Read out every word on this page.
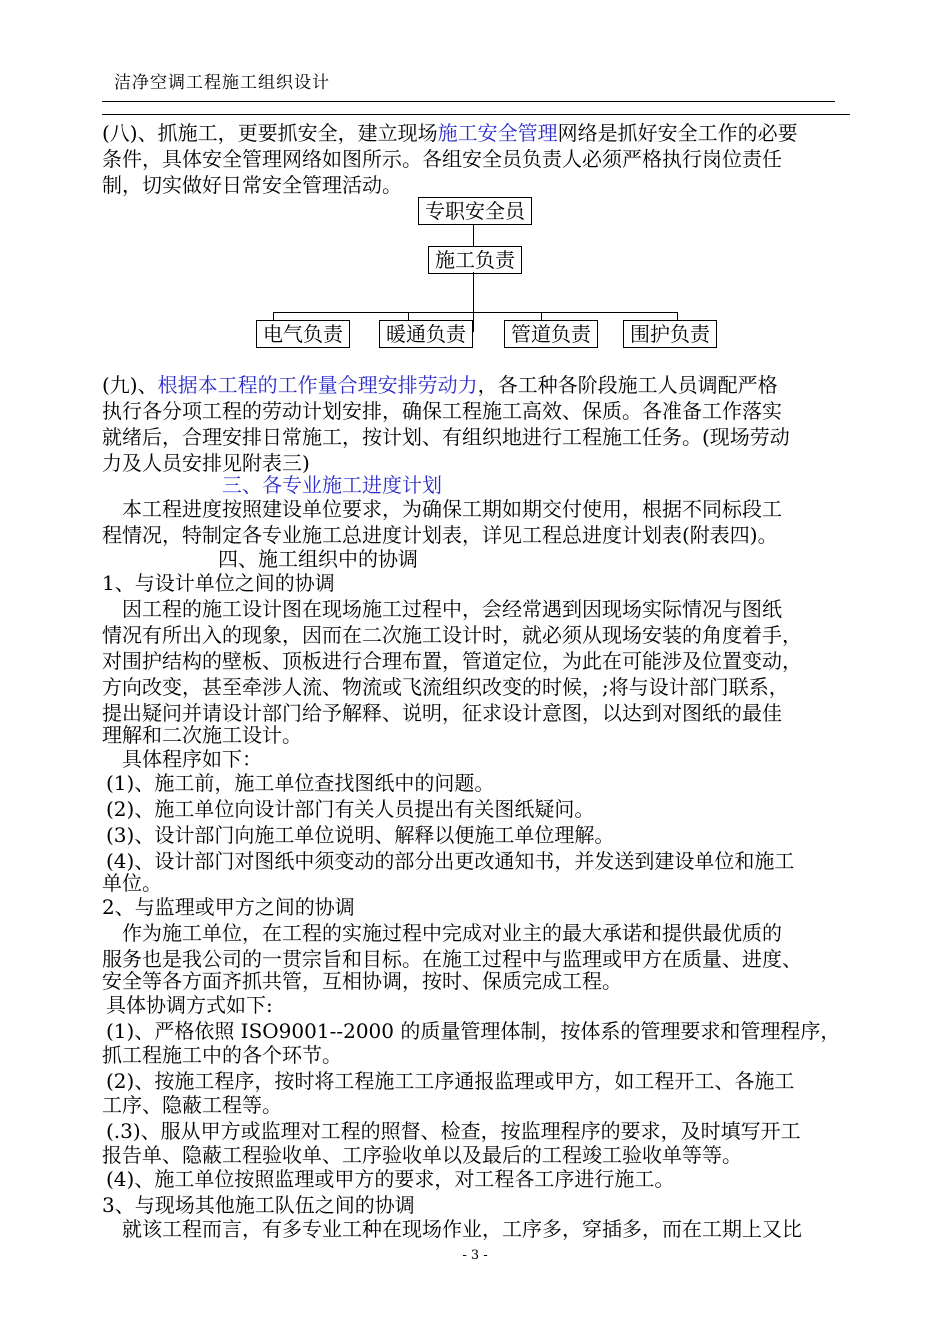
洁净空调工程施工组织设计
(八)、抓施工，更要抓安全，建立现场施工安全管理网络是抓好安全工作的必要
条件，具体安全管理网络如图所示。各组安全员负责人必须严格执行岗位责任
制，切实做好日常安全管理活动。
专职安全员
施工负责
电气负责	暖通负责	管道负责	围护负责
(九)、根据本工程的工作量合理安排劳动力，各工种各阶段施工人员调配严格
执行各分项工程的劳动计划安排，确保工程施工高效、保质。各准备工作落实
就绪后，合理安排日常施工，按计划、有组织地进行工程施工任务。(现场劳动
力及人员安排见附表三)
三、各专业施工进度计划
本工程进度按照建设单位要求，为确保工期如期交付使用，根据不同标段工
程情况，特制定各专业施工总进度计划表，详见工程总进度计划表(附表四)。
四、施工组织中的协调
1、与设计单位之间的协调
因工程的施工设计图在现场施工过程中，会经常遇到因现场实际情况与图纸
情况有所出入的现象，因而在二次施工设计时，就必须从现场安装的角度着手，
对围护结构的壁板、顶板进行合理布置，管道定位，为此在可能涉及位置变动，
方向改变，甚至牵涉人流、物流或飞流组织改变的时候，;将与设计部门联系，
提出疑问并请设计部门给予解释、说明，征求设计意图，以达到对图纸的最佳
理解和二次施工设计。
具体程序如下：
(1)、施工前，施工单位查找图纸中的问题。
(2)、施工单位向设计部门有关人员提出有关图纸疑问。
(3)、设计部门向施工单位说明、解释以便施工单位理解。
(4)、设计部门对图纸中须变动的部分出更改通知书，并发送到建设单位和施工
单位。
2、与监理或甲方之间的协调
作为施工单位，在工程的实施过程中完成对业主的最大承诺和提供最优质的
服务也是我公司的一贯宗旨和目标。在施工过程中与监理或甲方在质量、进度、
安全等各方面齐抓共管，互相协调，按时、保质完成工程。
具体协调方式如下:
(1)、严格依照 ISO9001--2000 的质量管理体制，按体系的管理要求和管理程序，
抓工程施工中的各个环节。
(2)、按施工程序，按时将工程施工工序通报监理或甲方，如工程开工、各施工
工序、隐蔽工程等。
(.3)、服从甲方或监理对工程的照督、检查，按监理程序的要求，及时填写开工
报告单、隐蔽工程验收单、工序验收单以及最后的工程竣工验收单等等。
(4)、施工单位按照监理或甲方的要求，对工程各工序进行施工。
3、与现场其他施工队伍之间的协调
就该工程而言，有多专业工种在现场作业，工序多，穿插多，而在工期上又比
- 3 -
